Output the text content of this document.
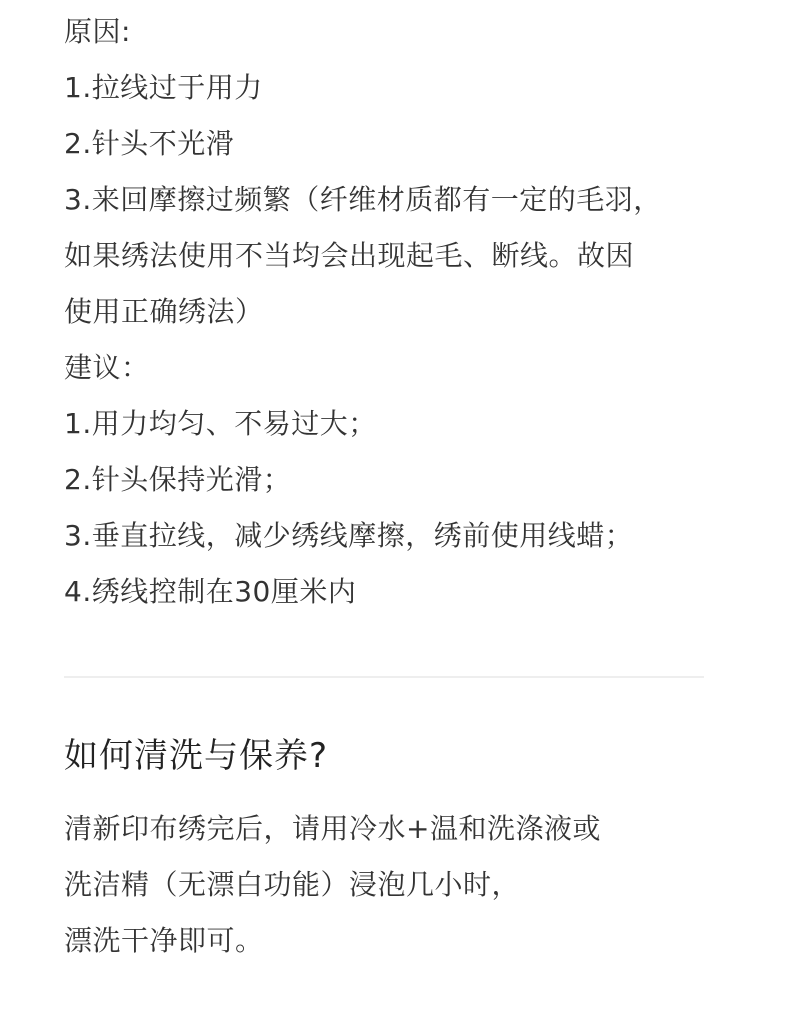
原因:
1.拉线过于用力
2.针头不光滑
3.来回摩擦过频繁（纤维材质都有一定的毛羽，
如果绣法使用不当均会出现起毛、断线。故因
使用正确绣法）
建议：
1.用力均匀、不易过大；
2.针头保持光滑；
3.垂直拉线，减少绣线摩擦，绣前使用线蜡；
4.绣线控制在30厘米内
如何清洗与保养?
清新印布绣完后，请用冷水+温和洗涤液或
洗洁精（无漂白功能）浸泡几小时，
漂洗干净即可。
